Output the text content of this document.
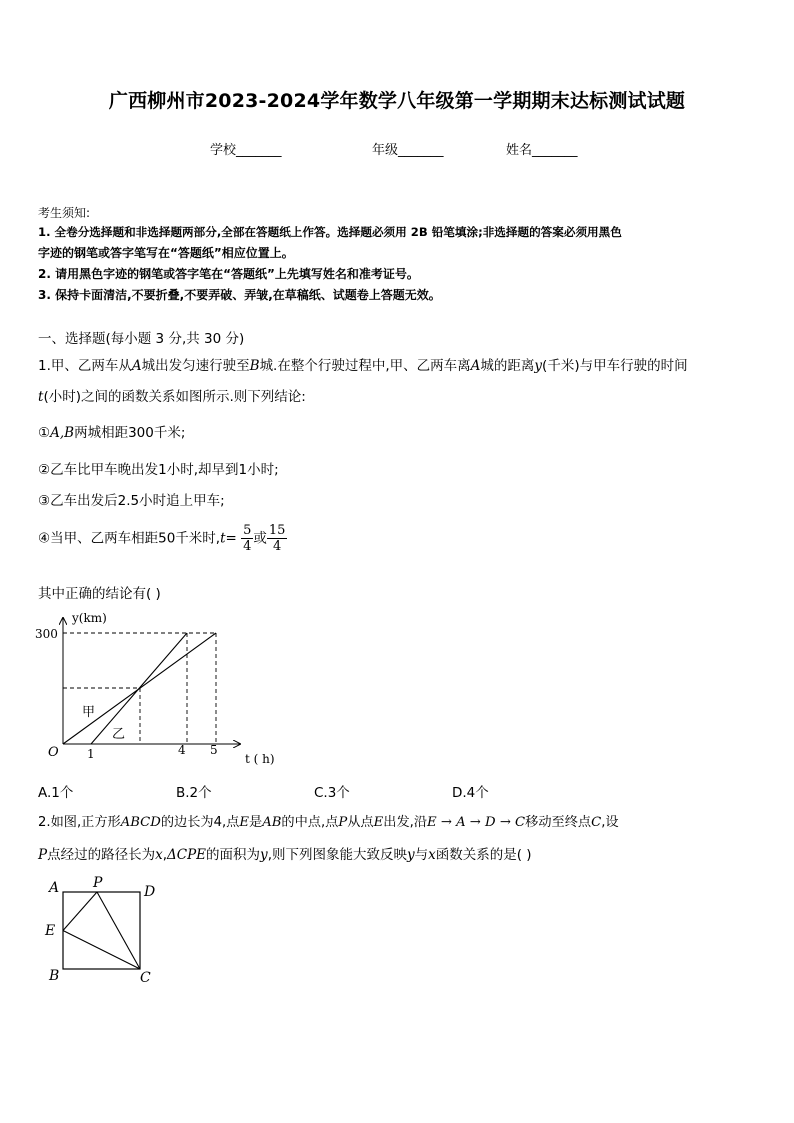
广西柳州市2023-2024学年数学八年级第一学期期末达标测试试题
学校_______	年级_______	姓名_______
考生须知:
1. 全卷分选择题和非选择题两部分,全部在答题纸上作答。选择题必须用 2B 铅笔填涂;非选择题的答案必须用黑色
字迹的钢笔或答字笔写在“答题纸”相应位置上。
2. 请用黑色字迹的钢笔或答字笔在“答题纸”上先填写姓名和准考证号。
3. 保持卡面清洁,不要折叠,不要弄破、弄皱,在草稿纸、试题卷上答题无效。
一、选择题(每小题 3 分,共 30 分)
1.甲、乙两车从A城出发匀速行驶至B城.在整个行驶过程中,甲、乙两车离A城的距离y(千米)与甲车行驶的时间
t(小时)之间的函数关系如图所示.则下列结论:
①A,B两城相距300千米;
②乙车比甲车晚出发1小时,却早到1小时;
③乙车出发后2.5小时追上甲车;
④当甲、乙两车相距50千米时$,t= \frac{5}{4}$ 或 $\frac{15}{4}$
其中正确的结论有( )
y(km)
300
O 1	4 5
t ( h)
甲
乙
A.1个	B.2个	C.3个	D.4个
2.如图,正方形ABCD的边长为4,点E是AB的中点,点P从点E出发,沿E → A → D → C移动至终点C,设
P点经过的路径长为x,ΔCPE的面积为y,则下列图象能大致反映y与x函数关系的是( )
A P
D
E
B	C
